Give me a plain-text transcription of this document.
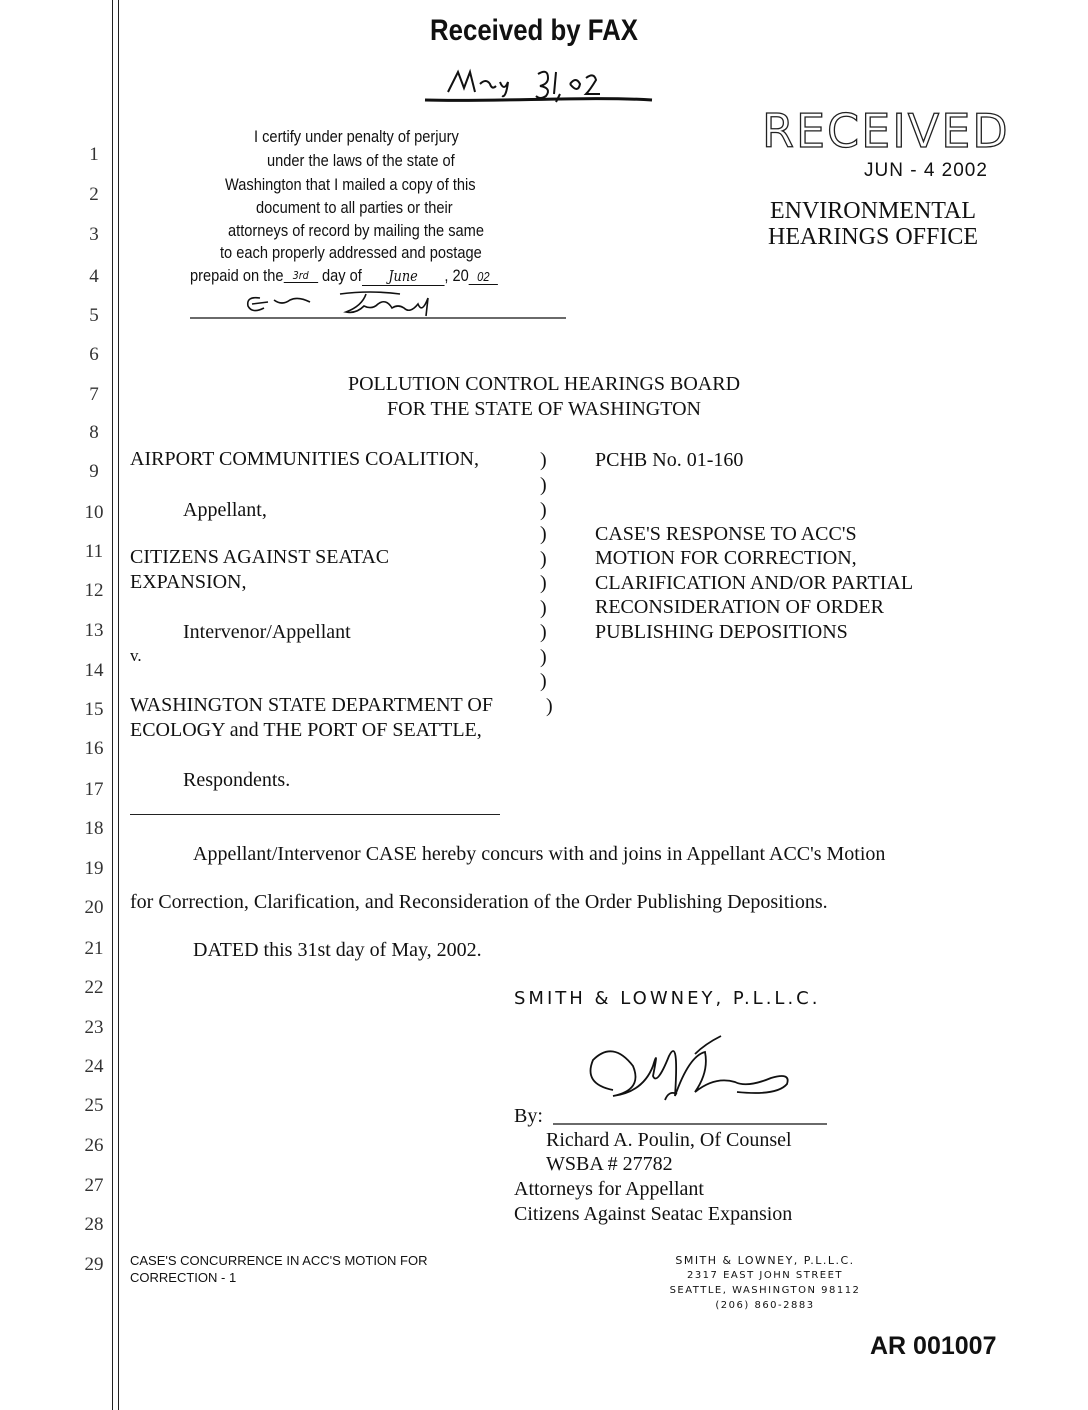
1
2
3
4
5
6
7
8
9
10
11
12
13
14
15
16
17
18
19
20
21
22
23
24
25
26
27
28
29
Received by FAX
I certify under penalty of perjury
under the laws of the state of
Washington that I mailed a copy of this
document to all parties or their
attorneys of record by mailing the same
to each properly addressed and postage
prepaid on the 3rd day of June , 20 02
RECEIVED
JUN - 4 2002
ENVIRONMENTAL
HEARINGS OFFICE
POLLUTION CONTROL HEARINGS BOARD
FOR THE STATE OF WASHINGTON
AIRPORT COMMUNITIES COALITION,
Appellant,
CITIZENS AGAINST SEATAC
EXPANSION,
Intervenor/Appellant
v.
WASHINGTON STATE DEPARTMENT OF
ECOLOGY and THE PORT OF SEATTLE,
Respondents.
)
)
)
)
)
)
)
)
)
)
)
PCHB No. 01-160
CASE'S RESPONSE TO ACC'S
MOTION FOR CORRECTION,
CLARIFICATION AND/OR PARTIAL
RECONSIDERATION OF ORDER
PUBLISHING DEPOSITIONS
Appellant/Intervenor CASE hereby concurs with and joins in Appellant ACC's Motion
for Correction, Clarification, and Reconsideration of the Order Publishing Depositions.
DATED this 31st day of May, 2002.
SMITH & LOWNEY, P.L.L.C.
By:
Richard A. Poulin, Of Counsel
WSBA # 27782
Attorneys for Appellant
Citizens Against Seatac Expansion
CASE'S CONCURRENCE IN ACC'S MOTION FOR
CORRECTION - 1
SMITH & LOWNEY, P.L.L.C.
2317 EAST JOHN STREET
SEATTLE, WASHINGTON 98112
(206) 860-2883
AR 001007
